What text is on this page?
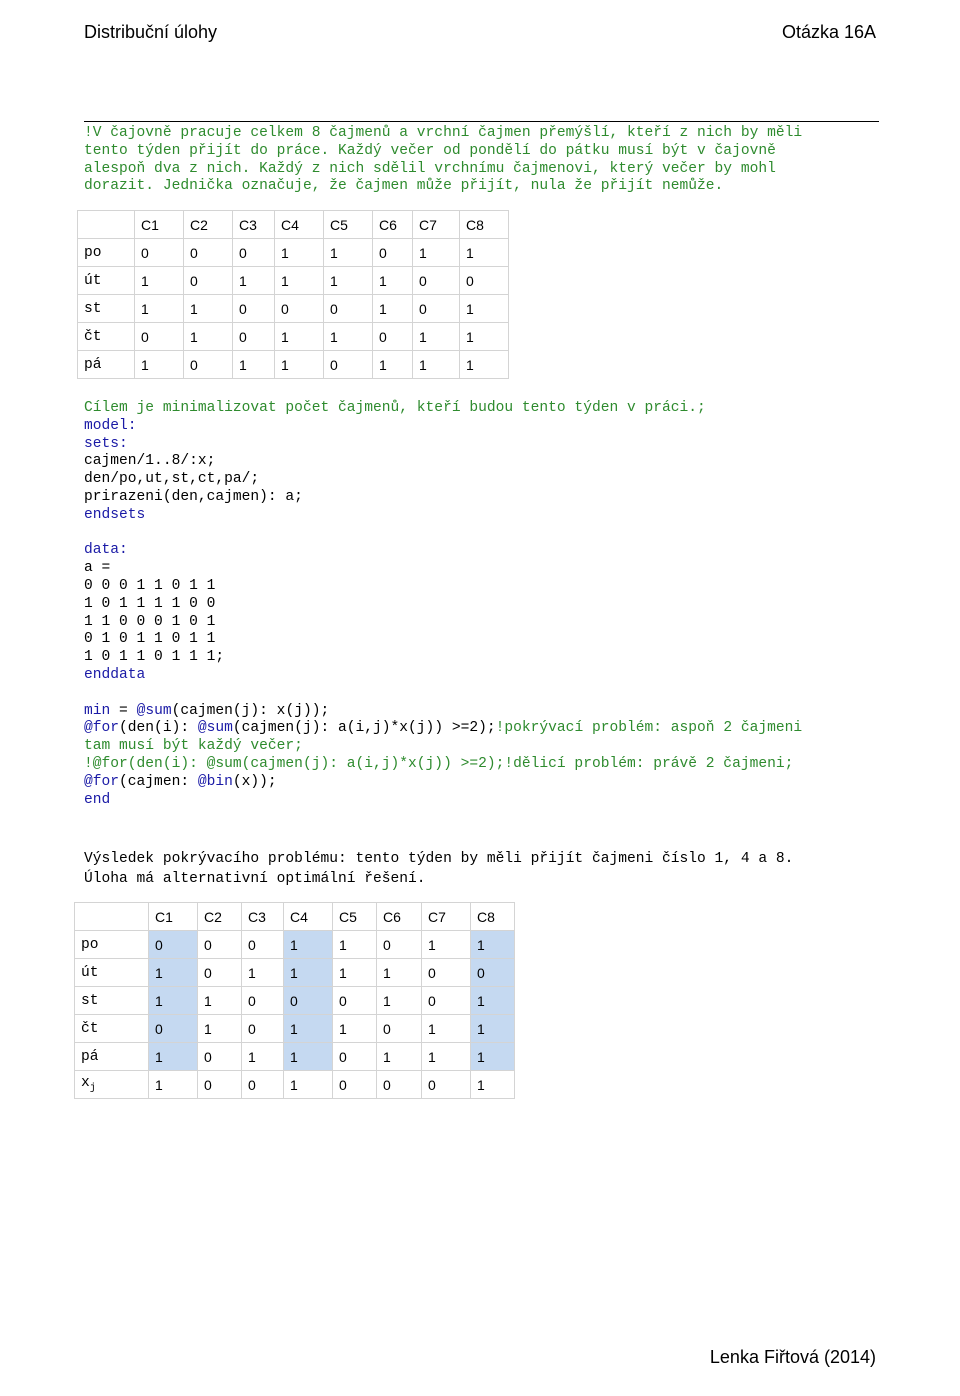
Distribuční úlohy	Otázka 16A
!V čajovně pracuje celkem 8 čajmenů a vrchní čajmen přemýšlí, kteří z nich by měli
tento týden přijít do práce. Každý večer od pondělí do pátku musí být v čajovně
alespoň dva z nich. Každý z nich sdělil vrchnímu čajmenovi, který večer by mohl
dorazit. Jednička označuje, že čajmen může přijít, nula že přijít nemůže.
	C1	C2	C3	C4	C5	C6	C7	C8
po	0	0	0	1	1	0	1	1
út	1	0	1	1	1	1	0	0
st	1	1	0	0	0	1	0	1
čt	0	1	0	1	1	0	1	1
pá	1	0	1	1	0	1	1	1
Cílem je minimalizovat počet čajmenů, kteří budou tento týden v práci.;
model:
sets:
cajmen/1..8/:x;
den/po,ut,st,ct,pa/;
prirazeni(den,cajmen): a;
endsets
data:
a =
0 0 0 1 1 0 1 1
1 0 1 1 1 1 0 0
1 1 0 0 0 1 0 1
0 1 0 1 1 0 1 1
1 0 1 1 0 1 1 1;
enddata
min = @sum(cajmen(j): x(j));
@for(den(i): @sum(cajmen(j): a(i,j)*x(j)) >=2);!pokrývací problém: aspoň 2 čajmeni
tam musí být každý večer;
!@for(den(i): @sum(cajmen(j): a(i,j)*x(j)) >=2);!dělicí problém: právě 2 čajmeni;
@for(cajmen: @bin(x));
end
Výsledek pokrývacího problému: tento týden by měli přijít čajmeni číslo 1, 4 a 8.
Úloha má alternativní optimální řešení.
	C1	C2	C3	C4	C5	C6	C7	C8
po	0	0	0	1	1	0	1	1
út	1	0	1	1	1	1	0	0
st	1	1	0	0	0	1	0	1
čt	0	1	0	1	1	0	1	1
pá	1	0	1	1	0	1	1	1
$x_j$	1	0	0	1	0	0	0	1
Lenka Fiřtová (2014)
